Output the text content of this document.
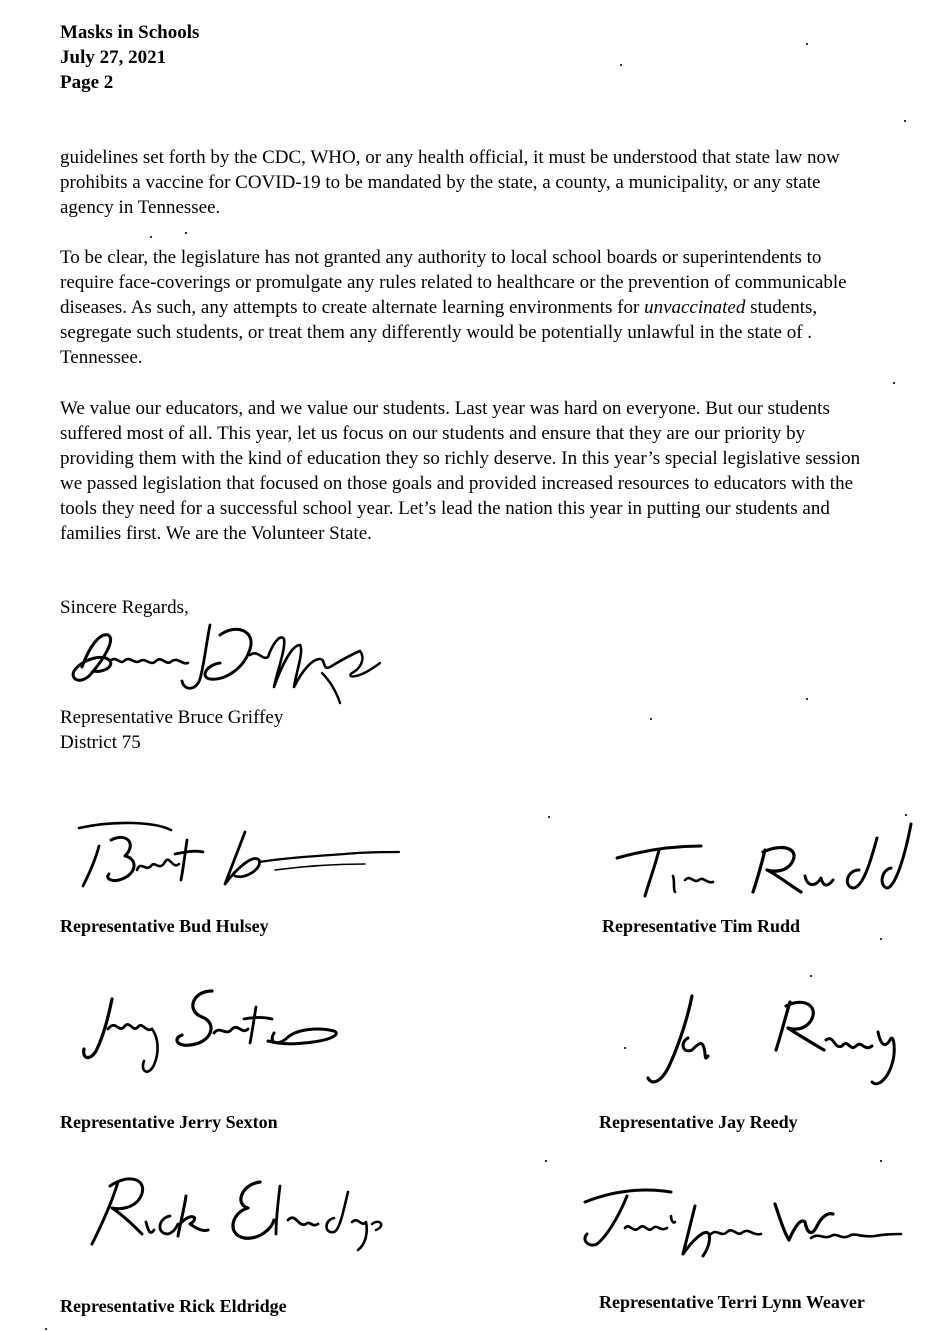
Masks in Schools
July 27, 2021
Page 2
guidelines set forth by the CDC, WHO, or any health official, it must be understood that state law now
prohibits a vaccine for COVID-19 to be mandated by the state, a county, a municipality, or any state
agency in Tennessee.
To be clear, the legislature has not granted any authority to local school boards or superintendents to
require face-coverings or promulgate any rules related to healthcare or the prevention of communicable
diseases. As such, any attempts to create alternate learning environments for unvaccinated students,
segregate such students, or treat them any differently would be potentially unlawful in the state of .
Tennessee.
We value our educators, and we value our students. Last year was hard on everyone. But our students
suffered most of all. This year, let us focus on our students and ensure that they are our priority by
providing them with the kind of education they so richly deserve. In this year’s special legislative session
we passed legislation that focused on those goals and provided increased resources to educators with the
tools they need for a successful school year. Let’s lead the nation this year in putting our students and
families first. We are the Volunteer State.
Sincere Regards,
Representative Bruce Griffey
District 75
Representative Bud Hulsey	Representative Tim Rudd
Representative Jerry Sexton	Representative Jay Reedy
Representative Rick Eldridge	Representative Terri Lynn Weaver
